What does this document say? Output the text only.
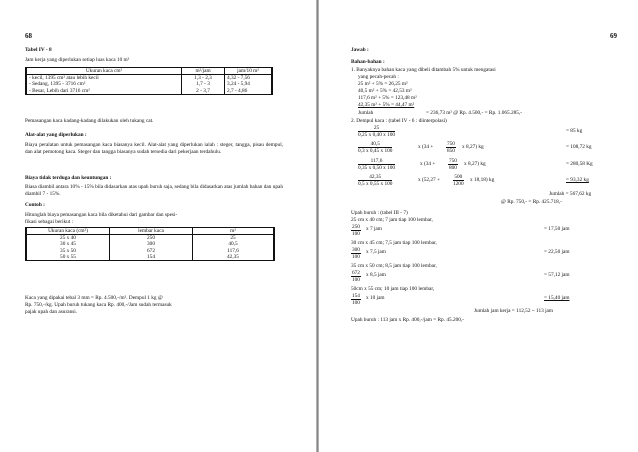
68
Tabel IV - 8
Jam kerja yang diperlukan setiap luas kaca 10 m²
Ukuran kaca cm²	m²/jam	jam/10 m²
- kecil, 1395 cm² atau lebih kecil	1,3 - 2,3	4,32 - 7,56
- Sedang, 1395 - 3716 cm²	1,7 - 3	3,24 - 5,94
- Besar, Lebih dari 3716 cm²	2 - 3,7	2,7 - 4,86
Pemasangan kaca kadang-kadang dilakukan oleh tukang cat.
Alat-alat yang diperlukan :
Biaya peralatan untuk pemasangan kaca biasanya kecil. Alat-alat yang diperlukan ialah : steger, tangga, pisau dempul, dan alat pemotong kaca. Steger dan tangga biasanya sudah tersedia dari pekerjaan terdahulu.
Biaya tidak terduga dan keuntungan :
Biasa diambil antara 10% - 15% bila didasarkan atas upah buruh saja, sedang bila didasarkan atas jumlah bahan dan upah diambil 7 - 15%.
Contoh :
Hitunglah biaya pemasangan kaca bila diketahui dari gambar dan spesi-
fikasi sebagai berikut :
Ukuran kaca (cm²)	lembar kaca	m²
25 x 40	250	25
30 x 45	300	40,5
35 x 50	672	117,6
50 x 55	154	42,35
Kaca yang dipakai tebal 3 mm = Rp. 4.500,-/m². Dempul 1 kg @
Rp. 750,-/kg. Upah buruh tukang kaca Rp. 400,-/Jam sudah termasuk
pajak upah dan asuransi.
69
Jawab :
Bahan-bahan :
1. Banyaknya bahan kaca yang dibeli ditambah 5% untuk mengatasi
yang pecah-pecah :
25 m² + 5% = 26,25 m²
40,5 m² + 5% = 42,53 m²
117,6 m² + 5% = 123,48 m²
42,35 m² + 5% = 44,47 m²
Jumlah	= 236,73 m² @ Rp. 4.500,- = Rp. 1.065.285,-
2. Dempul kaca : (tabel IV - 6 : diinterpolasi)
$\frac{25}{0,25 x 0,40 x 100}$	= 85 kg
$\frac{40,5}{0,3 x 0,45 x 100}$	x ($34 + \frac{750}{850}$ x 8,27) kg	= 108,72 kg
$\frac{117,6}{0,35 x 0,50 x 100}$	x ($34 + \frac{750}{800}$ x 8,27) kg	= 280,58 Kg
$\frac{42,35}{0,5 x 0,55 x 100}$	x ($52,27 + \frac{500}{1200}$ x 18,18) kg	= 93,32 kg
Jumlah = 567,62 kg
@ Rp. 750,- = Rp. 425.718,-
Upah buruh : (tabel III - 7)
25 cm x 40 cm; 7 jam tiap 100 lembar,
$\frac{250}{100}$ x 7 jam	= 17,50 jam
30 cm x 45 cm; 7,5 jam tiap 100 lembar,
$\frac{300}{100}$ x 7,5 jam	= 22,50 jam
35 cm x 50 cm; 8,5 jam tiap 100 lembar,
$\frac{672}{100}$ x 8,5 jam	= 57,12 jam
50cm x 55 cm; 10 jam tiap 100 lembar,
$\frac{154}{100}$ x 10 jam	= 15,40 jam
Jumlah jam kerja = 112,52 ~ 113 jam
Upah buruh : 113 jam x Rp. 400,-/jam = Rp. 45.200,-
